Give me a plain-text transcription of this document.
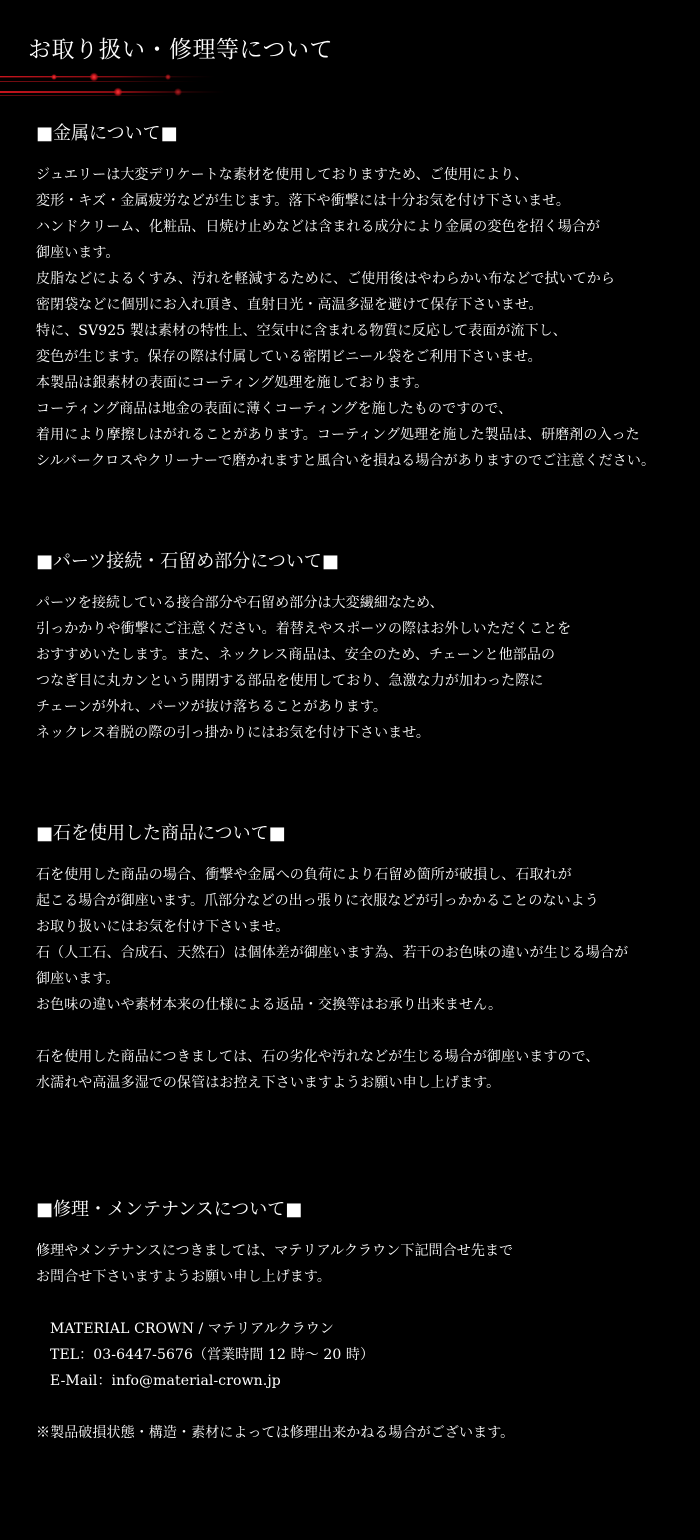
お取り扱い・修理等について
■金属について■
ジュエリーは大変デリケートな素材を使用しておりますため、ご使用により、
変形・キズ・金属疲労などが生じます。落下や衝撃には十分お気を付け下さいませ。
ハンドクリーム、化粧品、日焼け止めなどは含まれる成分により金属の変色を招く場合が
御座います。
皮脂などによるくすみ、汚れを軽減するために、ご使用後はやわらかい布などで拭いてから
密閉袋などに個別にお入れ頂き、直射日光・高温多湿を避けて保存下さいませ。
特に、SV925 製は素材の特性上、空気中に含まれる物質に反応して表面が流下し、
変色が生じます。保存の際は付属している密閉ビニール袋をご利用下さいませ。
本製品は銀素材の表面にコーティング処理を施しております。
コーティング商品は地金の表面に薄くコーティングを施したものですので、
着用により摩擦しはがれることがあります。コーティング処理を施した製品は、研磨剤の入った
シルバークロスやクリーナーで磨かれますと風合いを損ねる場合がありますのでご注意ください。
■パーツ接続・石留め部分について■
パーツを接続している接合部分や石留め部分は大変繊細なため、
引っかかりや衝撃にご注意ください。着替えやスポーツの際はお外しいただくことを
おすすめいたします。また、ネックレス商品は、安全のため、チェーンと他部品の
つなぎ目に丸カンという開閉する部品を使用しており、急激な力が加わった際に
チェーンが外れ、パーツが抜け落ちることがあります。
ネックレス着脱の際の引っ掛かりにはお気を付け下さいませ。
■石を使用した商品について■
石を使用した商品の場合、衝撃や金属への負荷により石留め箇所が破損し、石取れが
起こる場合が御座います。爪部分などの出っ張りに衣服などが引っかかることのないよう
お取り扱いにはお気を付け下さいませ。
石（人工石、合成石、天然石）は個体差が御座います為、若干のお色味の違いが生じる場合が
御座います。
お色味の違いや素材本来の仕様による返品・交換等はお承り出来ません。
石を使用した商品につきましては、石の劣化や汚れなどが生じる場合が御座いますので、
水濡れや高温多湿での保管はお控え下さいますようお願い申し上げます。
■修理・メンテナンスについて■
修理やメンテナンスにつきましては、マテリアルクラウン下記問合せ先まで
お問合せ下さいますようお願い申し上げます。
MATERIAL CROWN / マテリアルクラウン
TEL：03-6447-5676（営業時間 12 時～ 20 時）
E-Mail：info@material-crown.jp
※製品破損状態・構造・素材によっては修理出来かねる場合がございます。
